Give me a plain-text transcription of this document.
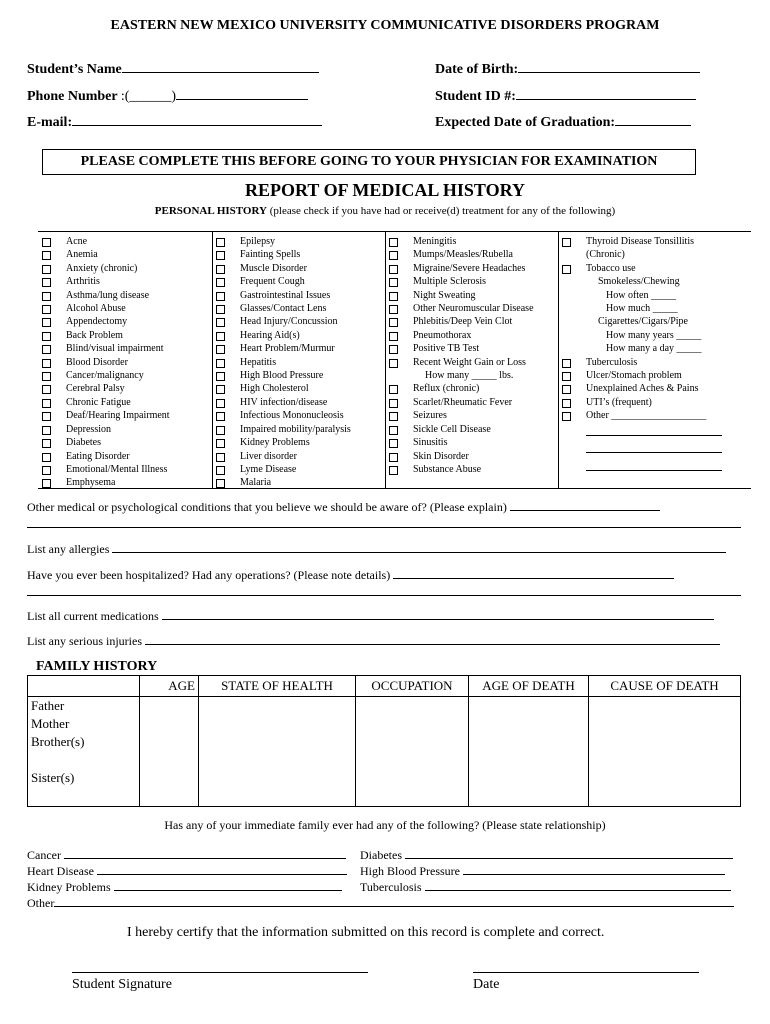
EASTERN NEW MEXICO UNIVERSITY COMMUNICATIVE DISORDERS PROGRAM
Student’s Name	Date of Birth:
Phone Number :(______)	Student ID #:
E-mail:	Expected Date of Graduation:
PLEASE COMPLETE THIS BEFORE GOING TO YOUR PHYSICIAN FOR EXAMINATION
REPORT OF MEDICAL HISTORY
PERSONAL HISTORY (please check if you have had or receive(d) treatment for any of the following)
Acne
Anemia
Anxiety (chronic)
Arthritis
Asthma/lung disease
Alcohol Abuse
Appendectomy
Back Problem
Blind/visual impairment
Blood Disorder
Cancer/malignancy
Cerebral Palsy
Chronic Fatigue
Deaf/Hearing Impairment
Depression
Diabetes
Eating Disorder
Emotional/Mental Illness
Emphysema
Epilepsy
Fainting Spells
Muscle Disorder
Frequent Cough
Gastrointestinal Issues
Glasses/Contact Lens
Head Injury/Concussion
Hearing Aid(s)
Heart Problem/Murmur
Hepatitis
High Blood Pressure
High Cholesterol
HIV infection/disease
Infectious Mononucleosis
Impaired mobility/paralysis
Kidney Problems
Liver disorder
Lyme Disease
Malaria
Meningitis
Mumps/Measles/Rubella
Migraine/Severe Headaches
Multiple Sclerosis
Night Sweating
Other Neuromuscular Disease
Phlebitis/Deep Vein Clot
Pneumothorax
Positive TB Test
Recent Weight Gain or Loss
How many _____ lbs.
Reflux (chronic)
Scarlet/Rheumatic Fever
Seizures
Sickle Cell Disease
Sinusitis
Skin Disorder
Substance Abuse
Thyroid Disease Tonsillitis
(Chronic)
Tobacco use
Smokeless/Chewing
How often _____
How much _____
Cigarettes/Cigars/Pipe
How many years _____
How many a day _____
Tuberculosis
Ulcer/Stomach problem
Unexplained Aches & Pains
UTI’s (frequent)
Other ___________________
Other medical or psychological conditions that you believe we should be aware of? (Please explain)
List any allergies
Have you ever been hospitalized? Had any operations? (Please note details)
List all current medications
List any serious injuries
FAMILY HISTORY
	AGE	STATE OF HEALTH	OCCUPATION	AGE OF DEATH	CAUSE OF DEATH

Father
Mother
Brother(s)
Sister(s)					

Has any of your immediate family ever had any of the following? (Please state relationship)
Cancer	Diabetes
Heart Disease	High Blood Pressure
Kidney Problems	Tuberculosis
Other
I hereby certify that the information submitted on this record is complete and correct.
Student Signature	Date
